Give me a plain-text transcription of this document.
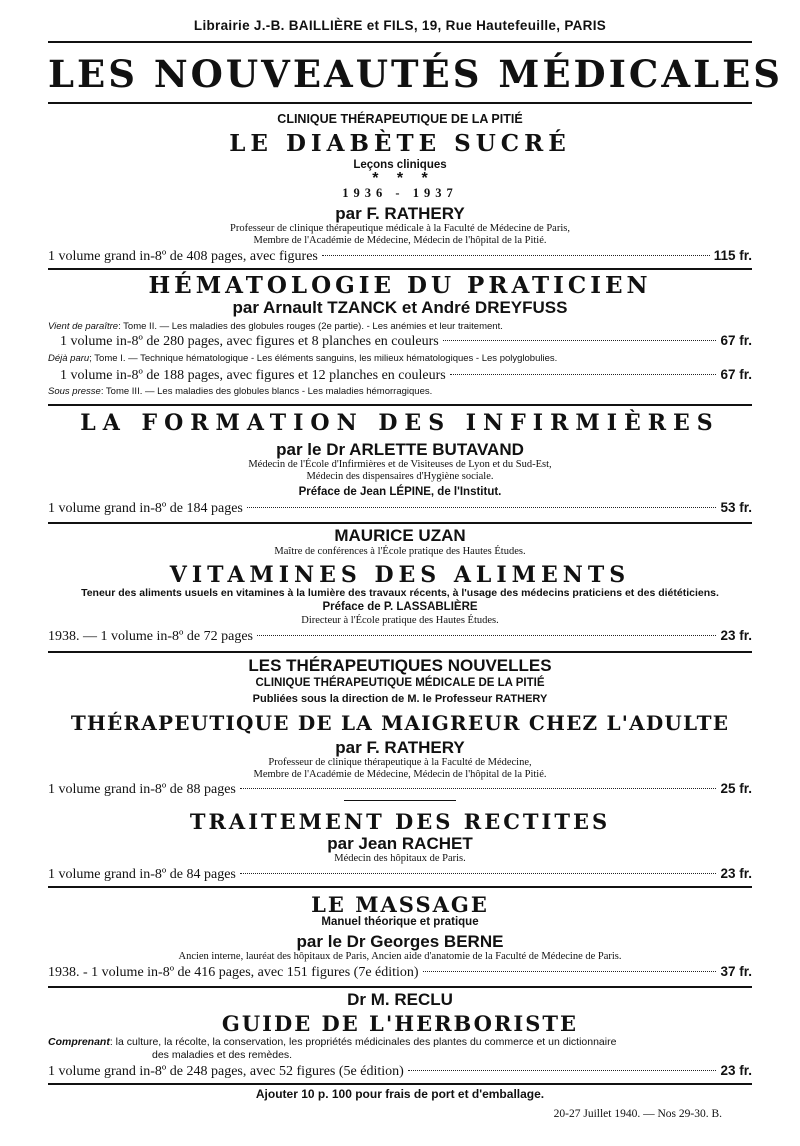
Librairie J.-B. BAILLIÈRE et FILS, 19, Rue Hautefeuille, PARIS
LES NOUVEAUTÉS MÉDICALES
CLINIQUE THÉRAPEUTIQUE DE LA PITIÉ
LE DIABÈTE SUCRÉ
Leçons cliniques
* * *
1936 - 1937
par F. RATHERY
Professeur de clinique thérapeutique médicale à la Faculté de Médecine de Paris,
Membre de l'Académie de Médecine, Médecin de l'hôpital de la Pitié.
1 volume grand in-8º de 408 pages, avec figures	115 fr.
HÉMATOLOGIE DU PRATICIEN
par Arnault TZANCK et André DREYFUSS
Vient de paraître: Tome II. — Les maladies des globules rouges (2e partie). - Les anémies et leur traitement.
1 volume in-8º de 280 pages, avec figures et 8 planches en couleurs	67 fr.
Déjà paru; Tome I. — Technique hématologique - Les éléments sanguins, les milieux hématologiques - Les polyglobulies.
1 volume in-8º de 188 pages, avec figures et 12 planches en couleurs	67 fr.
Sous presse: Tome III. — Les maladies des globules blancs - Les maladies hémorragiques.
LA FORMATION DES INFIRMIÈRES
par le Dr ARLETTE BUTAVAND
Médecin de l'École d'Infirmières et de Visiteuses de Lyon et du Sud-Est,
Médecin des dispensaires d'Hygiène sociale.
Préface de Jean LÉPINE, de l'Institut.
1 volume grand in-8º de 184 pages	53 fr.
MAURICE UZAN
Maître de conférences à l'École pratique des Hautes Études.
VITAMINES DES ALIMENTS
Teneur des aliments usuels en vitamines à la lumière des travaux récents, à l'usage des médecins praticiens et des diététiciens.
Préface de P. LASSABLIÈRE
Directeur à l'École pratique des Hautes Études.
1938. — 1 volume in-8º de 72 pages	23 fr.
LES THÉRAPEUTIQUES NOUVELLES
CLINIQUE THÉRAPEUTIQUE MÉDICALE DE LA PITIÉ
Publiées sous la direction de M. le Professeur RATHERY
THÉRAPEUTIQUE DE LA MAIGREUR CHEZ L'ADULTE
par F. RATHERY
Professeur de clinique thérapeutique à la Faculté de Médecine,
Membre de l'Académie de Médecine, Médecin de l'hôpital de la Pitié.
1 volume grand in-8º de 88 pages	25 fr.
TRAITEMENT DES RECTITES
par Jean RACHET
Médecin des hôpitaux de Paris.
1 volume grand in-8º de 84 pages	23 fr.
LE MASSAGE
Manuel théorique et pratique
par le Dr Georges BERNE
Ancien interne, lauréat des hôpitaux de Paris, Ancien aide d'anatomie de la Faculté de Médecine de Paris.
1938. - 1 volume in-8º de 416 pages, avec 151 figures (7e édition)	37 fr.
Dr M. RECLU
GUIDE DE L'HERBORISTE
Comprenant: la culture, la récolte, la conservation, les propriétés médicinales des plantes du commerce et un dictionnaire
des maladies et des remèdes.
1 volume grand in-8º de 248 pages, avec 52 figures (5e édition)	23 fr.
Ajouter 10 p. 100 pour frais de port et d'emballage.
20-27 Juillet 1940. — Nos 29-30. B.
